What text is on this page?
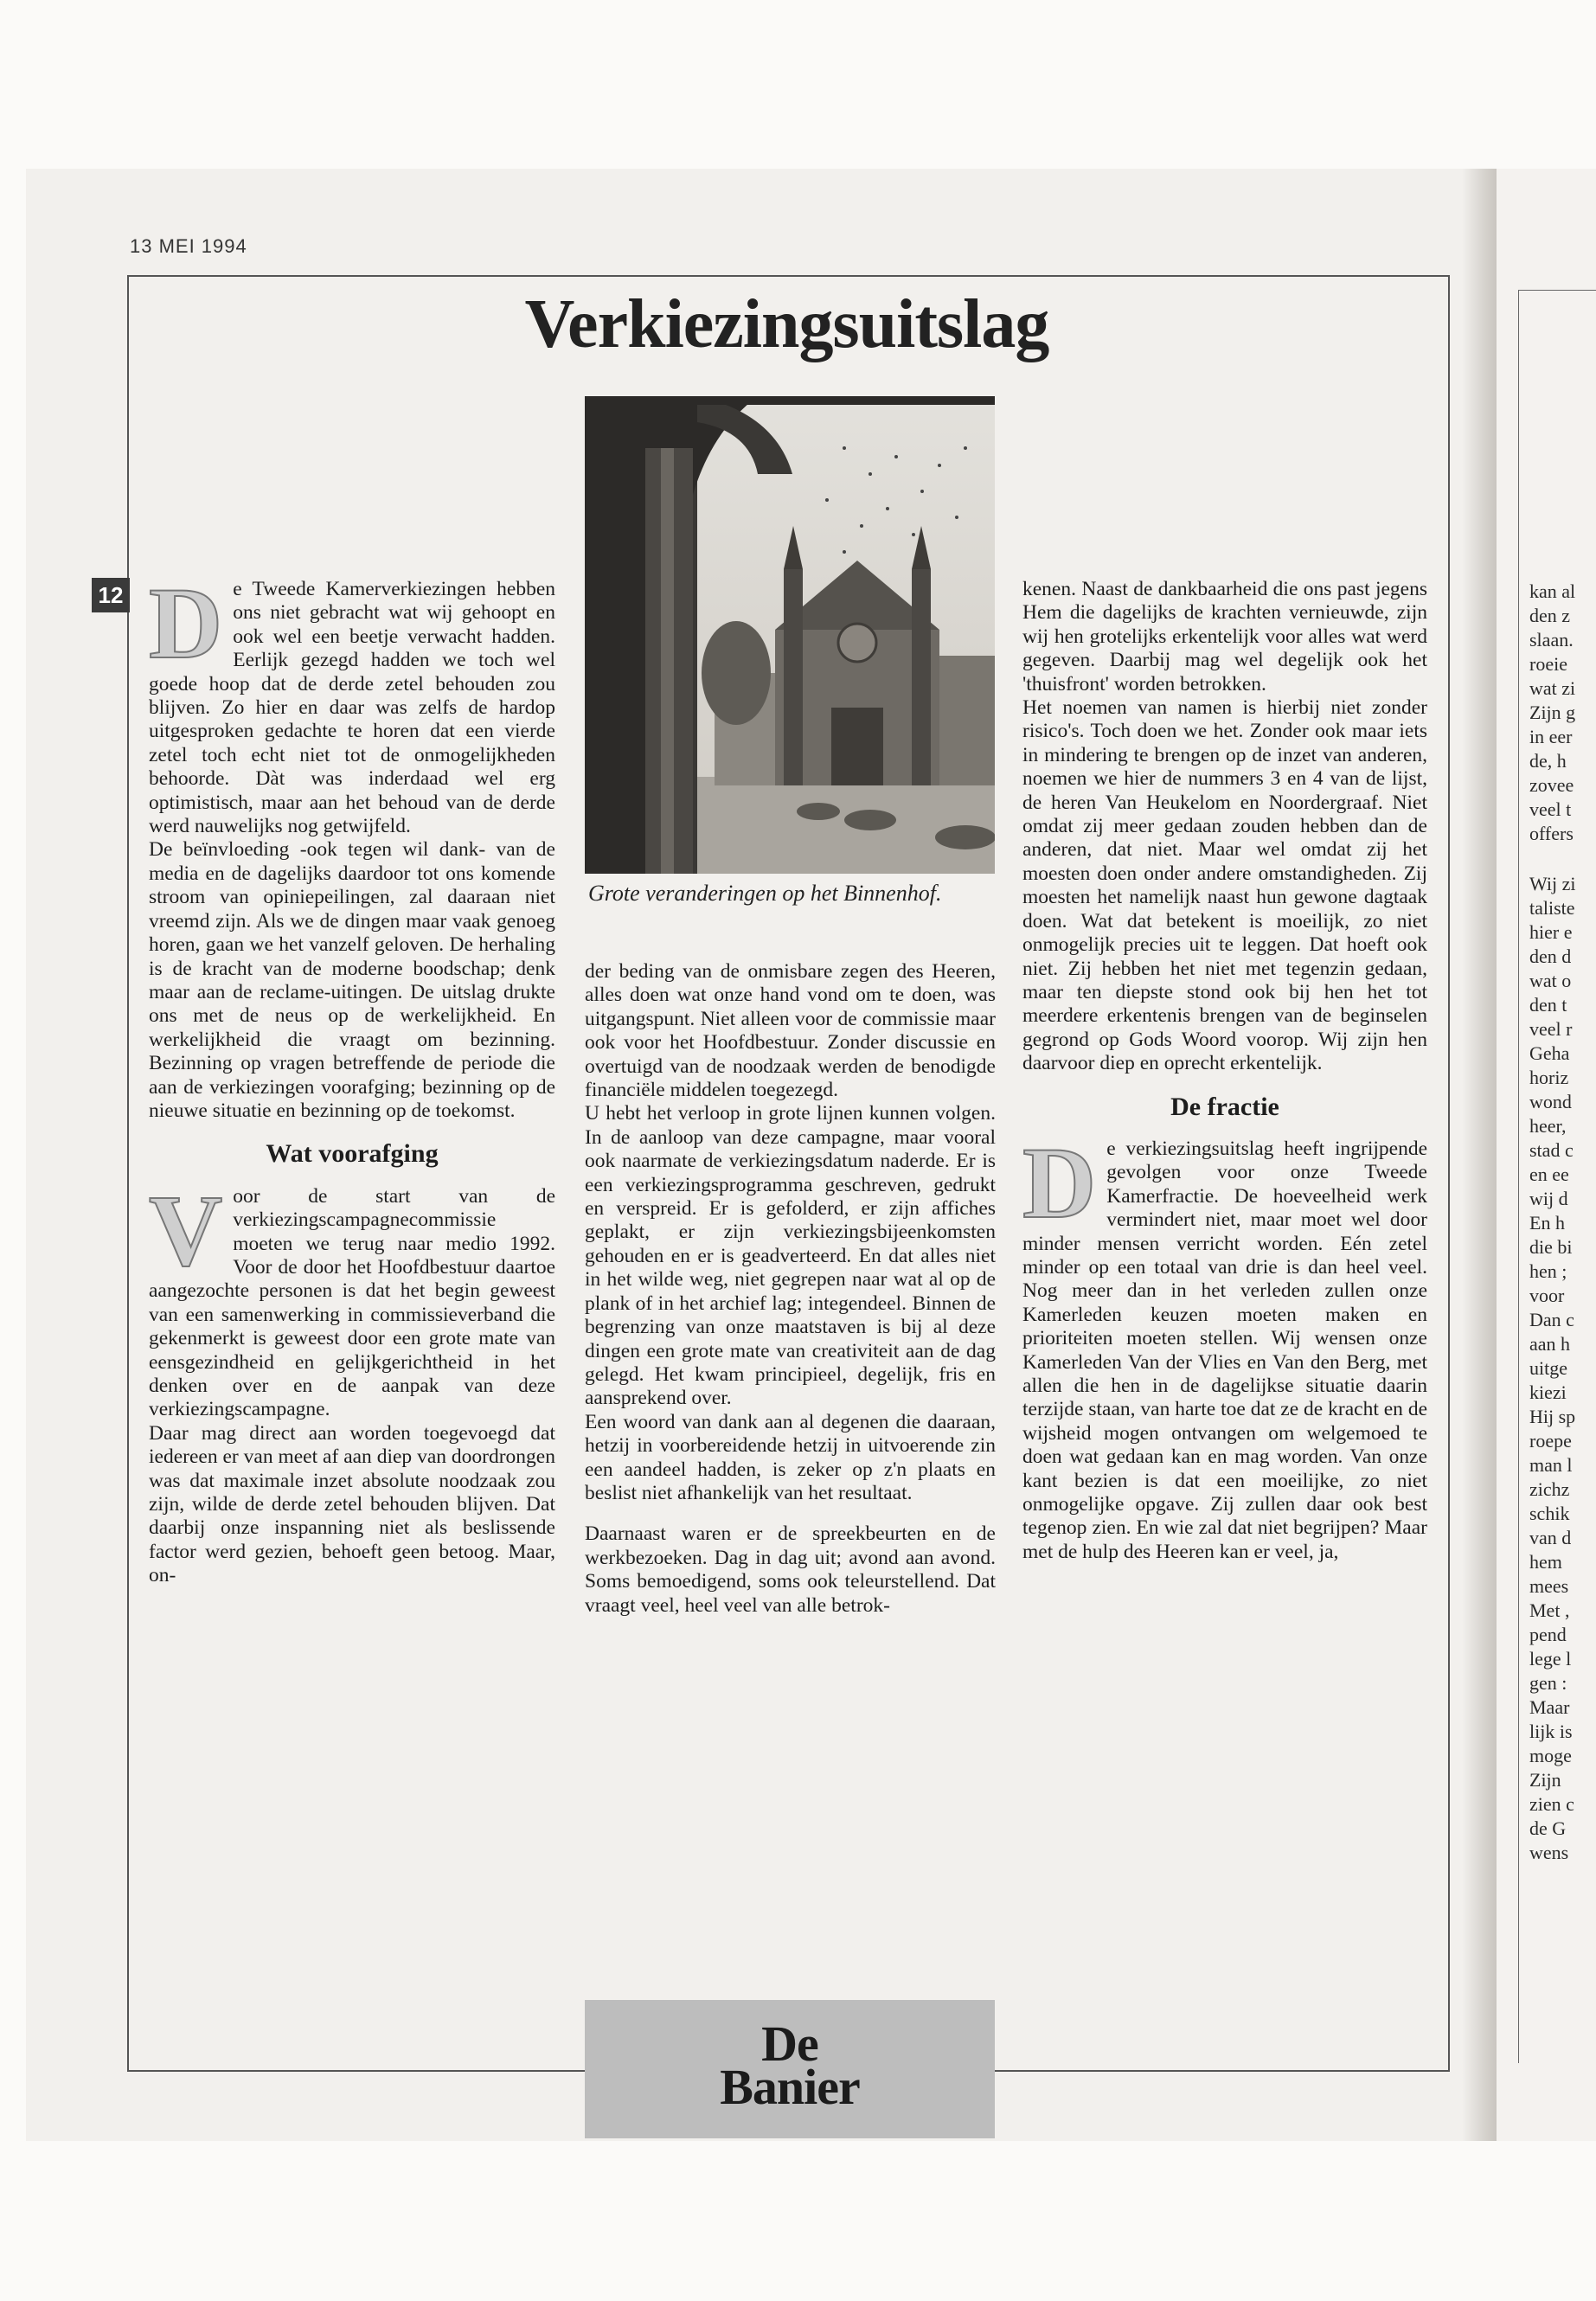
kan al
den z
slaan.
roeie
wat zi
Zijn g
in eer
de, h
zovee
veel t
offers
Wij zi
taliste
hier e
den d
wat o
den t
veel r
Geha
horiz
wond
heer,
stad c
en ee
wij d
En h
die bi
hen ;
voor
Dan c
aan h
uitge
kiezi
Hij sp
roepe
man l
zichz
schik
van d
hem
mees
Met ,
pend
lege l
gen :
Maar
lijk is
moge
Zijn
zien c
de G
wens
13 MEI 1994
Verkiezingsuitslag
12
Grote veranderingen op het Binnenhof.

De Tweede Kamerverkiezingen hebben ons niet gebracht wat wij gehoopt en ook wel een beetje verwacht hadden. Eerlijk gezegd hadden we toch wel goede hoop dat de derde zetel behouden zou blijven. Zo hier en daar was zelfs de hardop uitgesproken gedachte te horen dat een vierde zetel toch echt niet tot de onmogelijkheden behoorde. Dàt was inderdaad wel erg optimistisch, maar aan het behoud van de derde werd nauwelijks nog getwijfeld.

De beïnvloeding -ook tegen wil dank- van de media en de dagelijks daardoor tot ons komende stroom van opiniepeilingen, zal daaraan niet vreemd zijn. Als we de dingen maar vaak genoeg horen, gaan we het vanzelf geloven. De herhaling is de kracht van de moderne boodschap; denk maar aan de reclame-uitingen. De uitslag drukte ons met de neus op de werkelijkheid. En werkelijkheid die vraagt om bezinning. Bezinning op vragen betreffende de periode die aan de verkiezingen voorafging; bezinning op de nieuwe situatie en bezinning op de toekomst.

Wat voorafging

Voor de start van de verkiezingscampagnecommissie moeten we terug naar medio 1992. Voor de door het Hoofdbestuur daartoe aangezochte personen is dat het begin geweest van een samenwerking in commissieverband die gekenmerkt is geweest door een grote mate van eensgezindheid en gelijkgerichtheid in het denken over en de aanpak van deze verkiezingscampagne.

Daar mag direct aan worden toegevoegd dat iedereen er van meet af aan diep van doordrongen was dat maximale inzet absolute noodzaak zou zijn, wilde de derde zetel behouden blijven. Dat daarbij onze inspanning niet als beslissende factor werd gezien, behoeft geen betoog. Maar, on-

der beding van de onmisbare zegen des Heeren, alles doen wat onze hand vond om te doen, was uitgangspunt. Niet alleen voor de commissie maar ook voor het Hoofdbestuur. Zonder discussie en overtuigd van de noodzaak werden de benodigde financiële middelen toegezegd.

U hebt het verloop in grote lijnen kunnen volgen. In de aanloop van deze campagne, maar vooral ook naarmate de verkiezingsdatum naderde. Er is een verkiezingsprogramma geschreven, gedrukt en verspreid. Er is gefolderd, er zijn affiches geplakt, er zijn verkiezingsbijeenkomsten gehouden en er is geadverteerd. En dat alles niet in het wilde weg, niet gegrepen naar wat al op de plank of in het archief lag; integendeel. Binnen de begrenzing van onze maatstaven is bij al deze dingen een grote mate van creativiteit aan de dag gelegd. Het kwam principieel, degelijk, fris en aansprekend over.

Een woord van dank aan al degenen die daaraan, hetzij in voorbereidende hetzij in uitvoerende zin een aandeel hadden, is zeker op z'n plaats en beslist niet afhankelijk van het resultaat.

Daarnaast waren er de spreekbeurten en de werkbezoeken. Dag in dag uit; avond aan avond. Soms bemoedigend, soms ook teleurstellend. Dat vraagt veel, heel veel van alle betrok-

kenen. Naast de dankbaarheid die ons past jegens Hem die dagelijks de krachten vernieuwde, zijn wij hen grotelijks erkentelijk voor alles wat werd gegeven. Daarbij mag wel degelijk ook het 'thuisfront' worden betrokken.

Het noemen van namen is hierbij niet zonder risico's. Toch doen we het. Zonder ook maar iets in mindering te brengen op de inzet van anderen, noemen we hier de nummers 3 en 4 van de lijst, de heren Van Heukelom en Noordergraaf. Niet omdat zij meer gedaan zouden hebben dan de anderen, dat niet. Maar wel omdat zij het moesten doen onder andere omstandigheden. Zij moesten het namelijk naast hun gewone dagtaak doen. Wat dat betekent is moeilijk, zo niet onmogelijk precies uit te leggen. Dat hoeft ook niet. Zij hebben het niet met tegenzin gedaan, maar ten diepste stond ook bij hen het tot meerdere erkentenis brengen van de beginselen gegrond op Gods Woord voorop. Wij zijn hen daarvoor diep en oprecht erkentelijk.

De fractie

De verkiezingsuitslag heeft ingrijpende gevolgen voor onze Tweede Kamerfractie. De hoeveelheid werk vermindert niet, maar moet wel door minder mensen verricht worden. Eén zetel minder op een totaal van drie is dan heel veel. Nog meer dan in het verleden zullen onze Kamerleden keuzen moeten maken en prioriteiten moeten stellen. Wij wensen onze Kamerleden Van der Vlies en Van den Berg, met allen die hen in de dagelijkse situatie daarin terzijde staan, van harte toe dat ze de kracht en de wijsheid mogen ontvangen om welgemoed te doen wat gedaan kan en mag worden. Van onze kant bezien is dat een moeilijke, zo niet onmogelijke opgave. Zij zullen daar ook best tegenop zien. En wie zal dat niet begrijpen? Maar met de hulp des Heeren kan er veel, ja,

De
Banier
